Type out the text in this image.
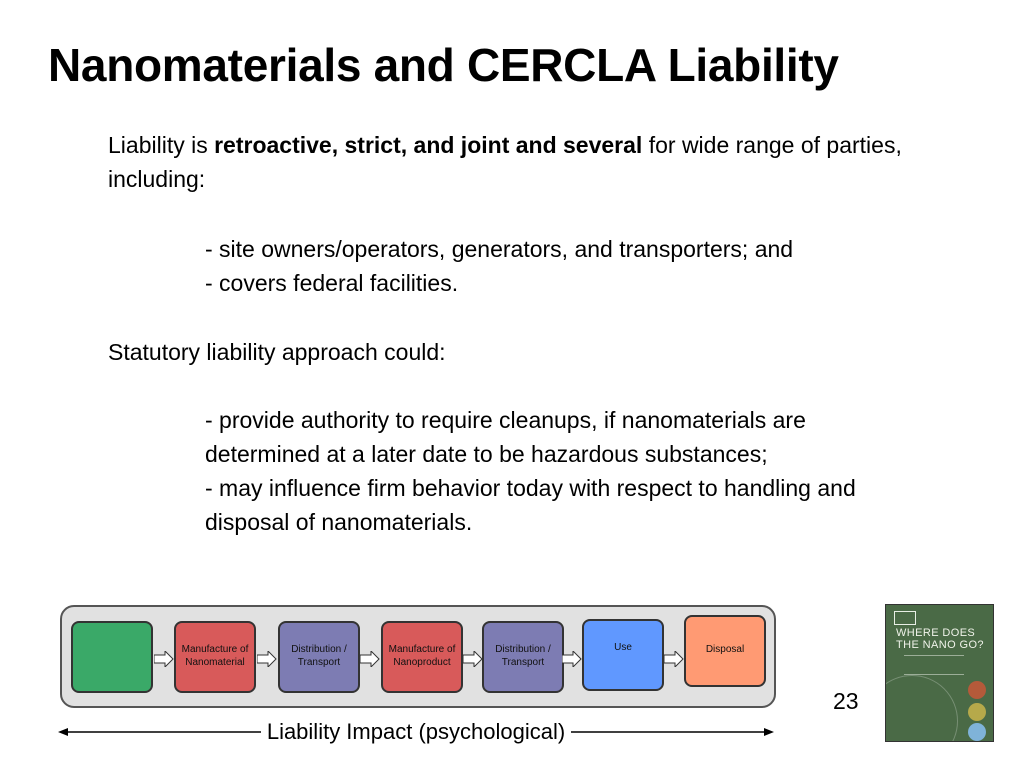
Nanomaterials and CERCLA Liability
Liability is retroactive, strict, and joint and several for wide range of parties, including:
- site owners/operators, generators, and transporters; and
- covers federal facilities.
Statutory liability approach could:
- provide authority to require cleanups, if nanomaterials are determined at a later date to be hazardous substances;
- may influence firm behavior today with respect to handling and disposal of nanomaterials.
Manufacture of Nanomaterial
Distribution / Transport
Manufacture of Nanoproduct
Distribution / Transport
Use	Disposal
Liability Impact (psychological)
23
WHERE DOES THE NANO GO?
